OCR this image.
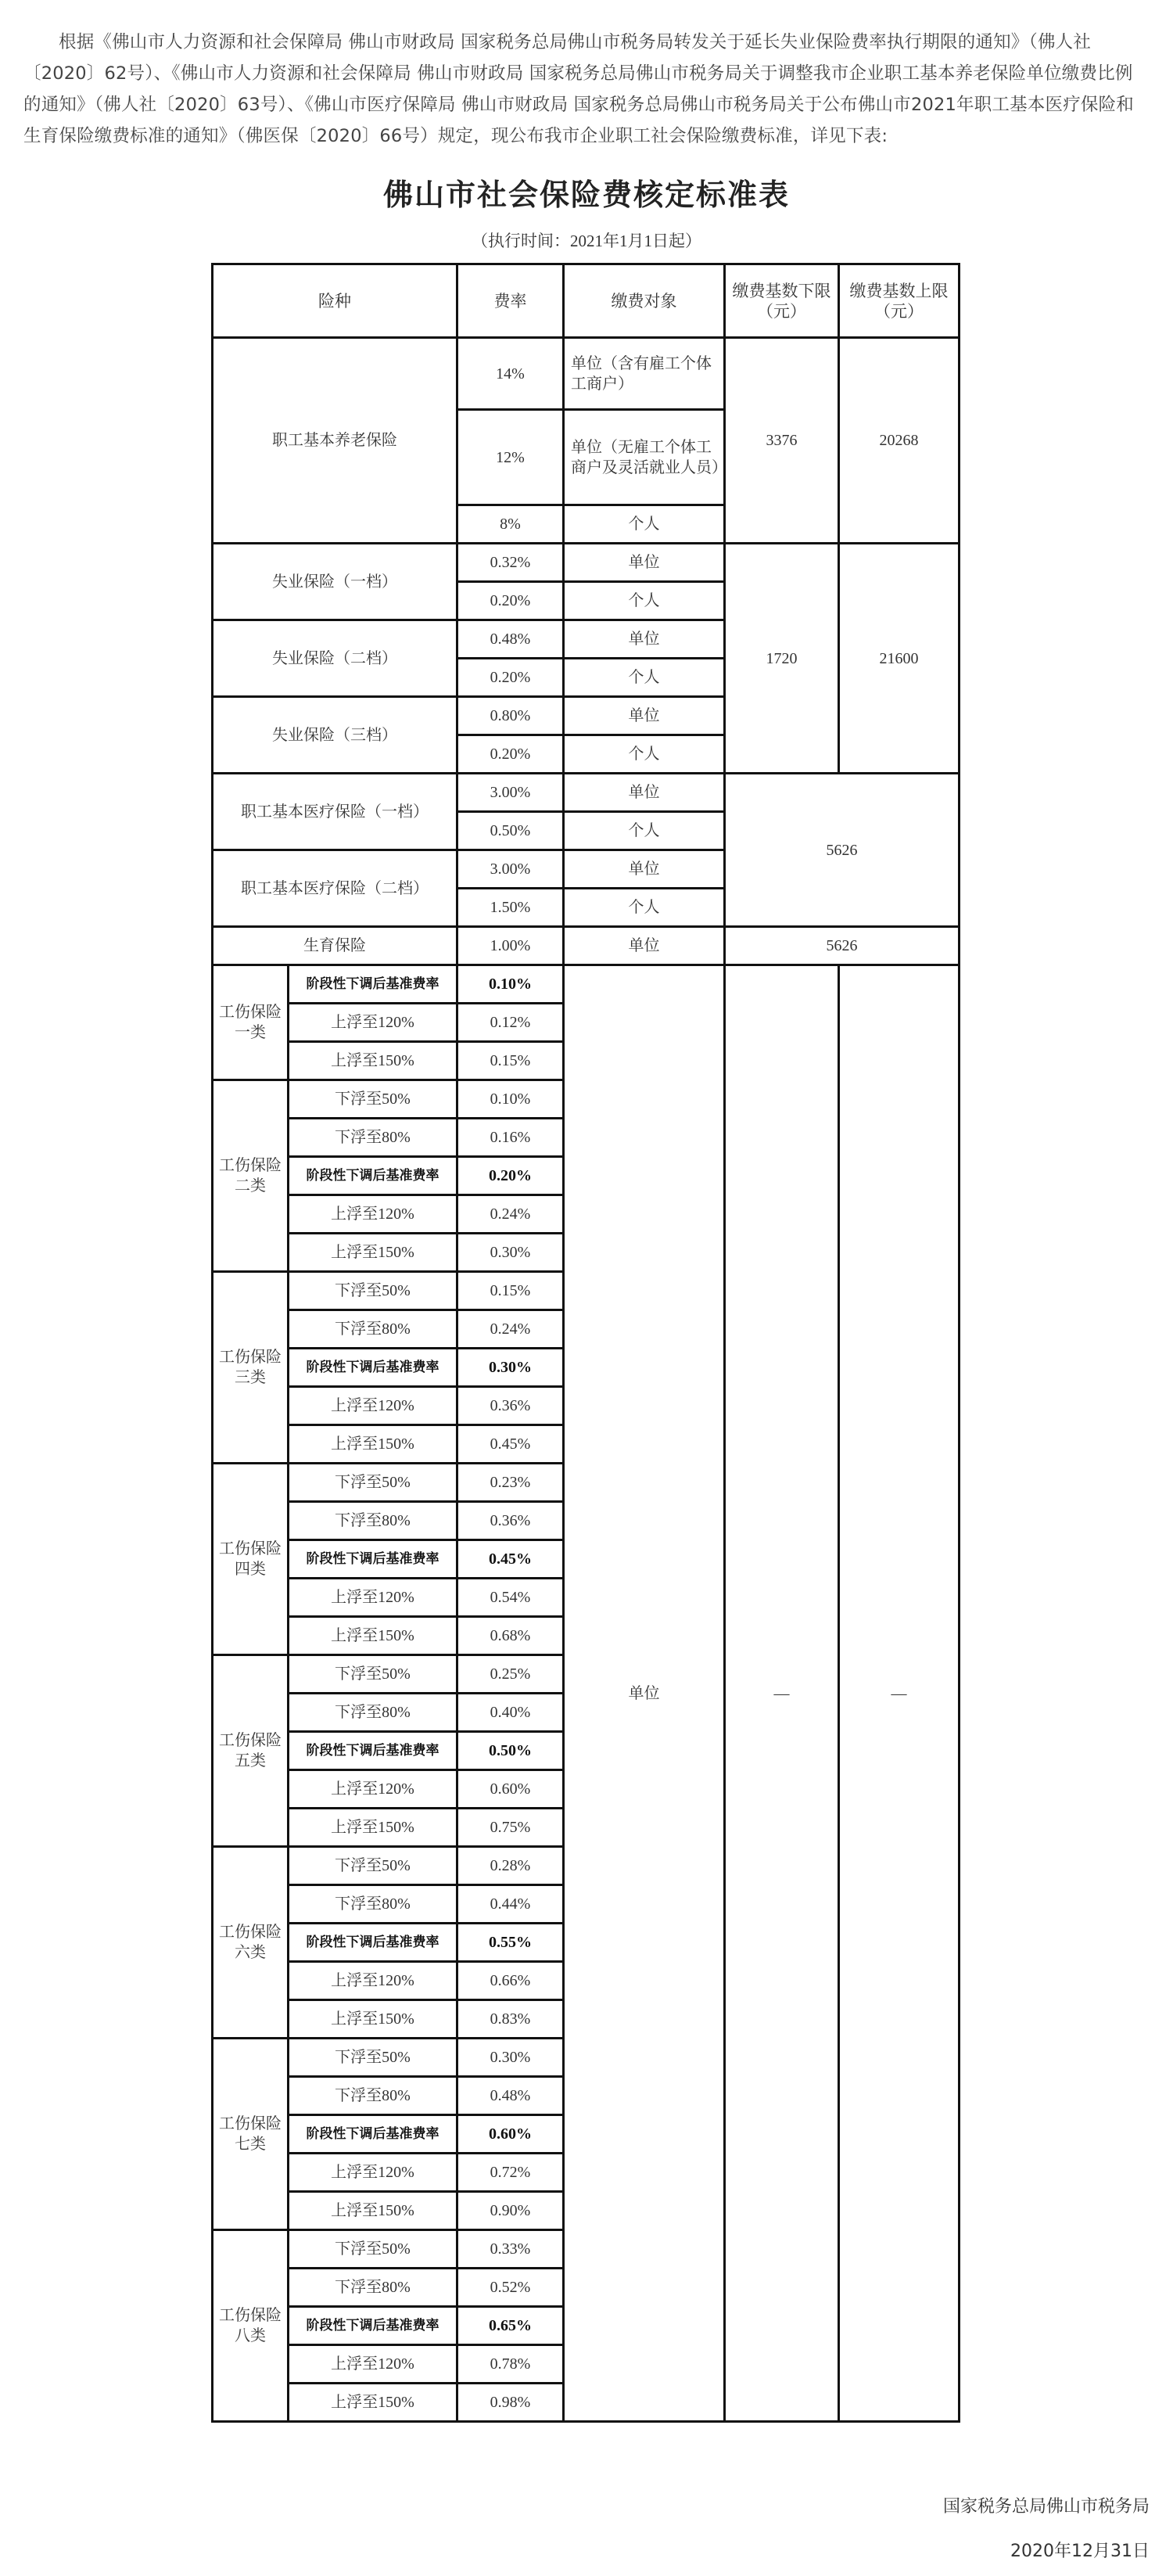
根据《佛山市人力资源和社会保障局 佛山市财政局 国家税务总局佛山市税务局转发关于延长失业保险费率执行期限的通知》（佛人社〔2020〕62号）、《佛山市人力资源和社会保障局 佛山市财政局 国家税务总局佛山市税务局关于调整我市企业职工基本养老保险单位缴费比例的通知》（佛人社〔2020〕63号）、《佛山市医疗保障局 佛山市财政局 国家税务总局佛山市税务局关于公布佛山市2021年职工基本医疗保险和生育保险缴费标准的通知》（佛医保〔2020〕66号）规定，现公布我市企业职工社会保险缴费标准，详见下表:
佛山市社会保险费核定标准表
（执行时间：2021年1月1日起）
险种		费率	缴费对象	缴费基数下限（元）	缴费基数上限（元）
职工基本养老保险		14%	单位（含有雇工个体工商户）	3376	20268
		12%	单位（无雇工个体工商户及灵活就业人员）		
		8%	个人		
失业保险（一档）		0.32%	单位	1720	21600
		0.20%	个人		
失业保险（二档）		0.48%	单位		
		0.20%	个人		
失业保险（三档）		0.80%	单位		
		0.20%	个人		
职工基本医疗保险（一档）		3.00%	单位	5626	
		0.50%	个人		
职工基本医疗保险（二档）		3.00%	单位		
		1.50%	个人		
生育保险		1.00%	单位	5626	
工伤保险一类	阶段性下调后基准费率	0.10%	单位	—	—
	上浮至120%	0.12%			
	上浮至150%	0.15%			
工伤保险二类	下浮至50%	0.10%			
	下浮至80%	0.16%			
	阶段性下调后基准费率	0.20%			
	上浮至120%	0.24%			
	上浮至150%	0.30%			
工伤保险三类	下浮至50%	0.15%			
	下浮至80%	0.24%			
	阶段性下调后基准费率	0.30%			
	上浮至120%	0.36%			
	上浮至150%	0.45%			
工伤保险四类	下浮至50%	0.23%			
	下浮至80%	0.36%			
	阶段性下调后基准费率	0.45%			
	上浮至120%	0.54%			
	上浮至150%	0.68%			
工伤保险五类	下浮至50%	0.25%			
	下浮至80%	0.40%			
	阶段性下调后基准费率	0.50%			
	上浮至120%	0.60%			
	上浮至150%	0.75%			
工伤保险六类	下浮至50%	0.28%			
	下浮至80%	0.44%			
	阶段性下调后基准费率	0.55%			
	上浮至120%	0.66%			
	上浮至150%	0.83%			
工伤保险七类	下浮至50%	0.30%			
	下浮至80%	0.48%			
	阶段性下调后基准费率	0.60%			
	上浮至120%	0.72%			
	上浮至150%	0.90%			
工伤保险八类	下浮至50%	0.33%			
	下浮至80%	0.52%			
	阶段性下调后基准费率	0.65%			
	上浮至120%	0.78%			
	上浮至150%	0.98%			
国家税务总局佛山市税务局
2020年12月31日
